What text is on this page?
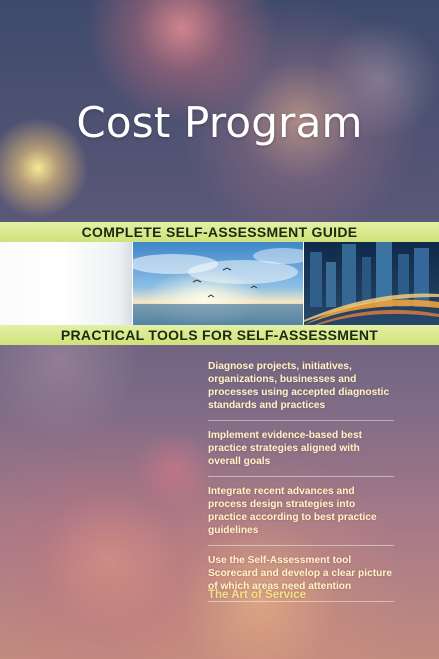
Cost Program
COMPLETE SELF-ASSESSMENT GUIDE
PRACTICAL TOOLS FOR SELF-ASSESSMENT
Diagnose projects, initiatives, organizations, businesses and processes using accepted diagnostic standards and practices
Implement evidence-based best practice strategies aligned with overall goals
Integrate recent advances and process design strategies into practice according to best practice guidelines
Use the Self-Assessment tool Scorecard and develop a clear picture of which areas need attention
The Art of Service
